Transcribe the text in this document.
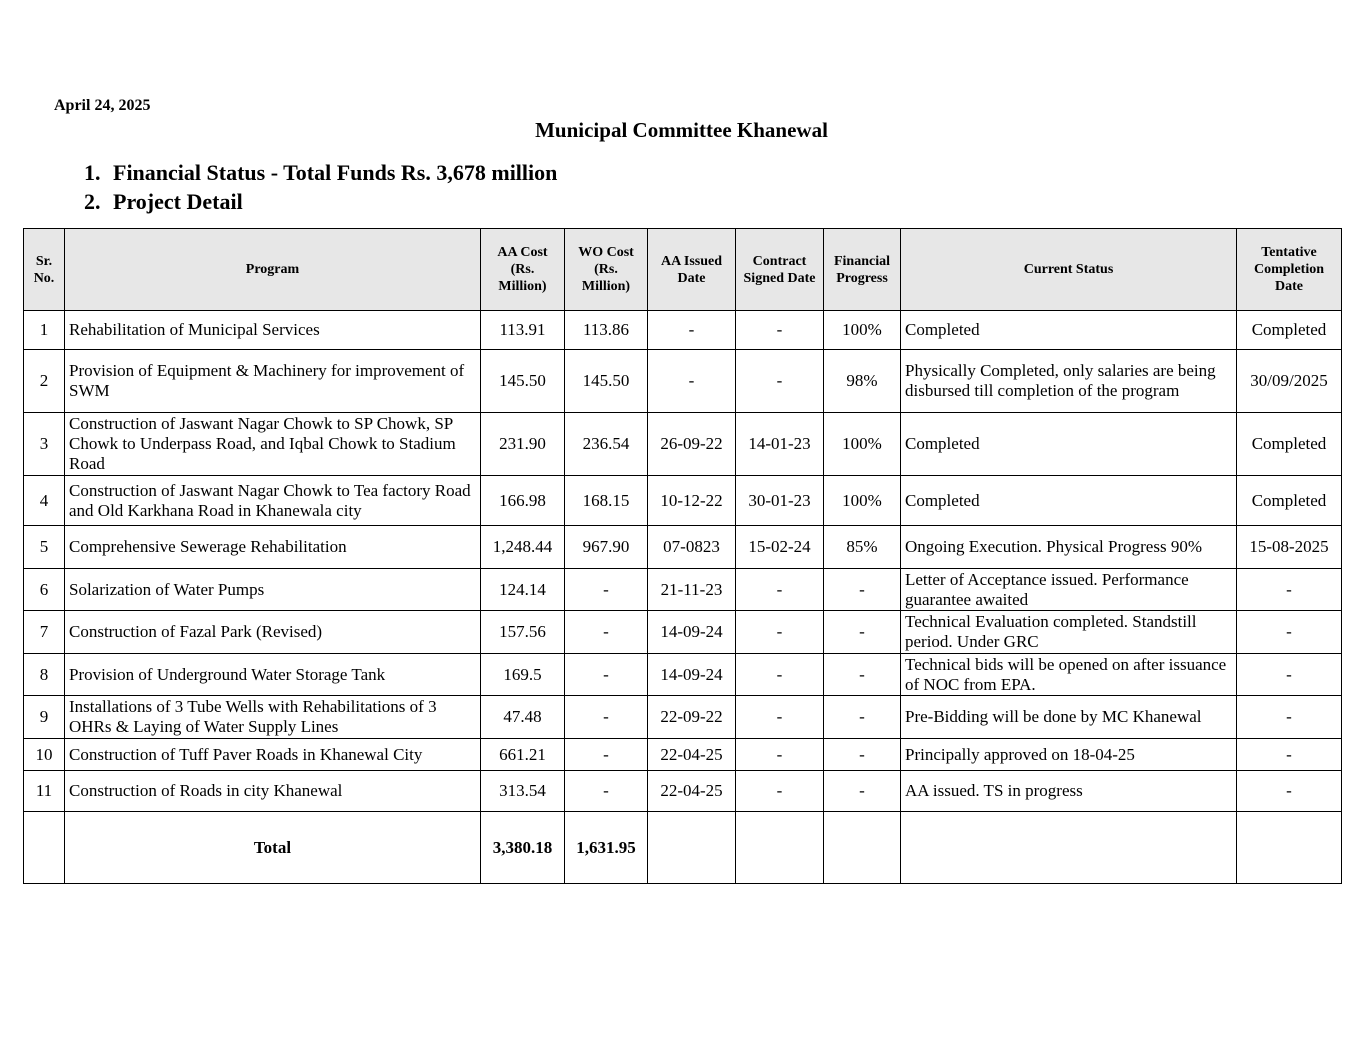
April 24, 2025
Municipal Committee Khanewal
1. Financial Status - Total Funds Rs. 3,678 million
2. Project Detail
Sr. No.	Program	AA Cost (Rs. Million)	WO Cost (Rs. Million)	AA Issued Date	Contract Signed Date	Financial Progress	Current Status	Tentative Completion Date
1	Rehabilitation of Municipal Services	113.91	113.86	-	-	100%	Completed	Completed
2	Provision of Equipment & Machinery for improvement of SWM	145.50	145.50	-	-	98%	Physically Completed, only salaries are being disbursed till completion of the program	30/09/2025
3	Construction of Jaswant Nagar Chowk to SP Chowk, SP Chowk to Underpass Road, and Iqbal Chowk to Stadium Road	231.90	236.54	26-09-22	14-01-23	100%	Completed	Completed
4	Construction of Jaswant Nagar Chowk to Tea factory Road and Old Karkhana Road in Khanewala city	166.98	168.15	10-12-22	30-01-23	100%	Completed	Completed
5	Comprehensive Sewerage Rehabilitation	1,248.44	967.90	07-0823	15-02-24	85%	Ongoing Execution. Physical Progress 90%	15-08-2025
6	Solarization of Water Pumps	124.14	-	21-11-23	-	-	Letter of Acceptance issued. Performance guarantee awaited	-
7	Construction of Fazal Park (Revised)	157.56	-	14-09-24	-	-	Technical Evaluation completed. Standstill period. Under GRC	-
8	Provision of Underground Water Storage Tank	169.5	-	14-09-24	-	-	Technical bids will be opened on after issuance of NOC from EPA.	-
9	Installations of 3 Tube Wells with Rehabilitations of 3 OHRs & Laying of Water Supply Lines	47.48	-	22-09-22	-	-	Pre-Bidding will be done by MC Khanewal	-
10	Construction of Tuff Paver Roads in Khanewal City	661.21	-	22-04-25	-	-	Principally approved on 18-04-25	-
11	Construction of Roads in city Khanewal	313.54	-	22-04-25	-	-	AA issued. TS in progress	-
	Total	3,380.18	1,631.95					
